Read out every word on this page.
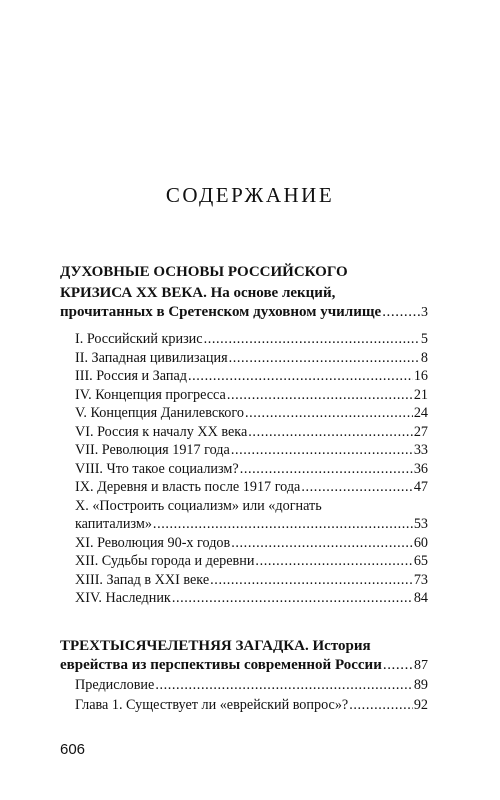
СОДЕРЖАНИЕ

ДУХОВНЫЕ ОСНОВЫ РОССИЙСКОГО

КРИЗИСА ХХ ВЕКА. На основе лекций,

прочитанных в Сретенском духовном училище .....	3
I. Российский кризис .....	5
II. Западная цивилизация .....	8
III. Россия и Запад .....	16
IV. Концепция прогресса .....	21
V. Концепция Данилевского .....	24
VI. Россия к началу ХХ века .....	27
VII. Революция 1917 года .....	33
VIII. Что такое социализм? .....	36
IX. Деревня и власть после 1917 года .....	47
X. «Построить социализм» или «догнать
капитализм» .....	53
XI. Революция 90-х годов .....	60
XII. Судьбы города и деревни .....	65
XIII. Запад в XXI веке .....	73
XIV. Наследник .....	84

ТРЕХТЫСЯЧЕЛЕТНЯЯ ЗАГАДКА. История

еврейства из перспективы современной России ..... 87
Предисловие .....	89
Глава 1. Существует ли «еврейский вопрос»? .....	92
606
